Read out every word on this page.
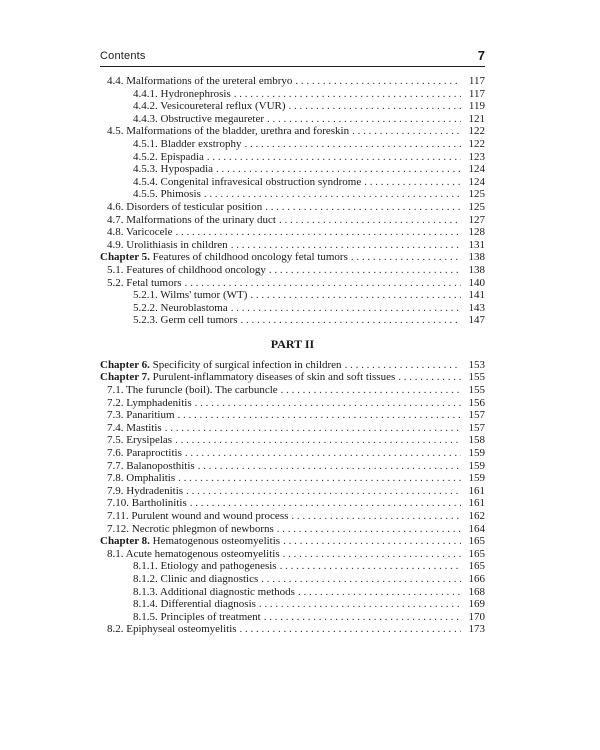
Contents	7
4.4. Malformations of the ureteral embryo . . .	117
4.4.1. Hydronephrosis . . .	117
4.4.2. Vesicoureteral reflux (VUR) . . .	119
4.4.3. Obstructive megaureter . . .	121
4.5. Malformations of the bladder, urethra and foreskin . . .	122
4.5.1. Bladder exstrophy . . .	122
4.5.2. Epispadia . . .	123
4.5.3. Hypospadia . . .	124
4.5.4. Congenital infravesical obstruction syndrome . . .	124
4.5.5. Phimosis . . .	125
4.6. Disorders of testicular position . . .	125
4.7. Malformations of the urinary duct . . .	127
4.8. Varicocele . . .	128
4.9. Urolithiasis in children . . .	131
Chapter 5. Features of childhood oncology fetal tumors . . .	138
5.1. Features of childhood oncology . . .	138
5.2. Fetal tumors . . .	140
5.2.1. Wilms' tumor (WT) . . .	141
5.2.2. Neuroblastoma . . .	143
5.2.3. Germ cell tumors . . .	147
PART II
Chapter 6. Specificity of surgical infection in children . . .	153
Chapter 7. Purulent-inflammatory diseases of skin and soft tissues . . .	155
7.1. The furuncle (boil). The carbuncle . . .	155
7.2. Lymphadenitis . . .	156
7.3. Panaritium . . .	157
7.4. Mastitis . . .	157
7.5. Erysipelas . . .	158
7.6. Paraproctitis . . .	159
7.7. Balanoposthitis . . .	159
7.8. Omphalitis . . .	159
7.9. Hydradenitis . . .	161
7.10. Bartholinitis . . .	161
7.11. Purulent wound and wound process . . .	162
7.12. Necrotic phlegmon of newborns . . .	164
Chapter 8. Hematogenous osteomyelitis . . .	165
8.1. Acute hematogenous osteomyelitis . . .	165
8.1.1. Etiology and pathogenesis . . .	165
8.1.2. Clinic and diagnostics . . .	166
8.1.3. Additional diagnostic methods . . .	168
8.1.4. Differential diagnosis . . .	169
8.1.5. Principles of treatment . . .	170
8.2. Epiphyseal osteomyelitis . . .	173
